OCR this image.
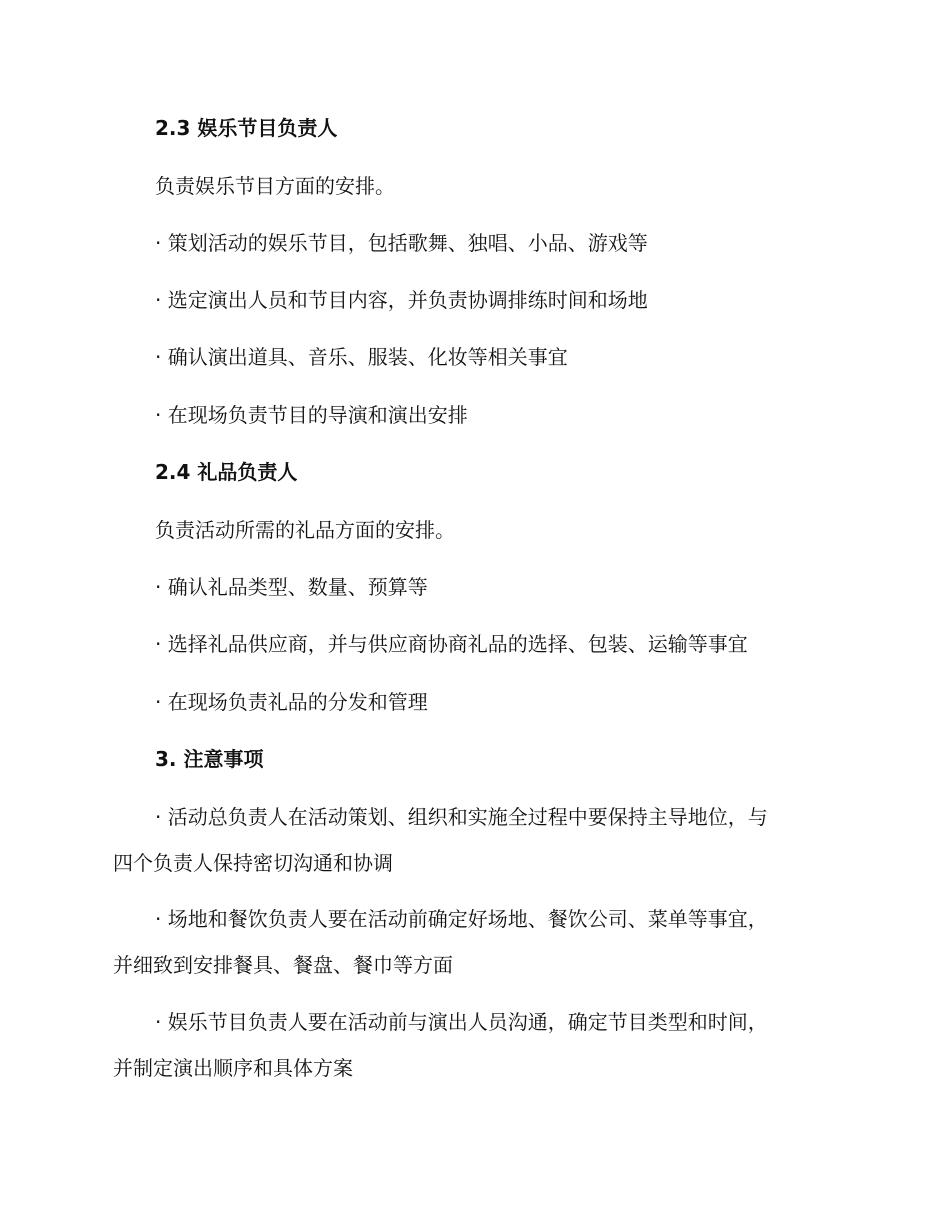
2.3 娱乐节目负责人
负责娱乐节目方面的安排。
· 策划活动的娱乐节目，包括歌舞、独唱、小品、游戏等
· 选定演出人员和节目内容，并负责协调排练时间和场地
· 确认演出道具、音乐、服装、化妆等相关事宜
· 在现场负责节目的导演和演出安排
2.4 礼品负责人
负责活动所需的礼品方面的安排。
· 确认礼品类型、数量、预算等
· 选择礼品供应商，并与供应商协商礼品的选择、包装、运输等事宜
· 在现场负责礼品的分发和管理
3. 注意事项
· 活动总负责人在活动策划、组织和实施全过程中要保持主导地位，与
四个负责人保持密切沟通和协调
· 场地和餐饮负责人要在活动前确定好场地、餐饮公司、菜单等事宜，
并细致到安排餐具、餐盘、餐巾等方面
· 娱乐节目负责人要在活动前与演出人员沟通，确定节目类型和时间，
并制定演出顺序和具体方案
